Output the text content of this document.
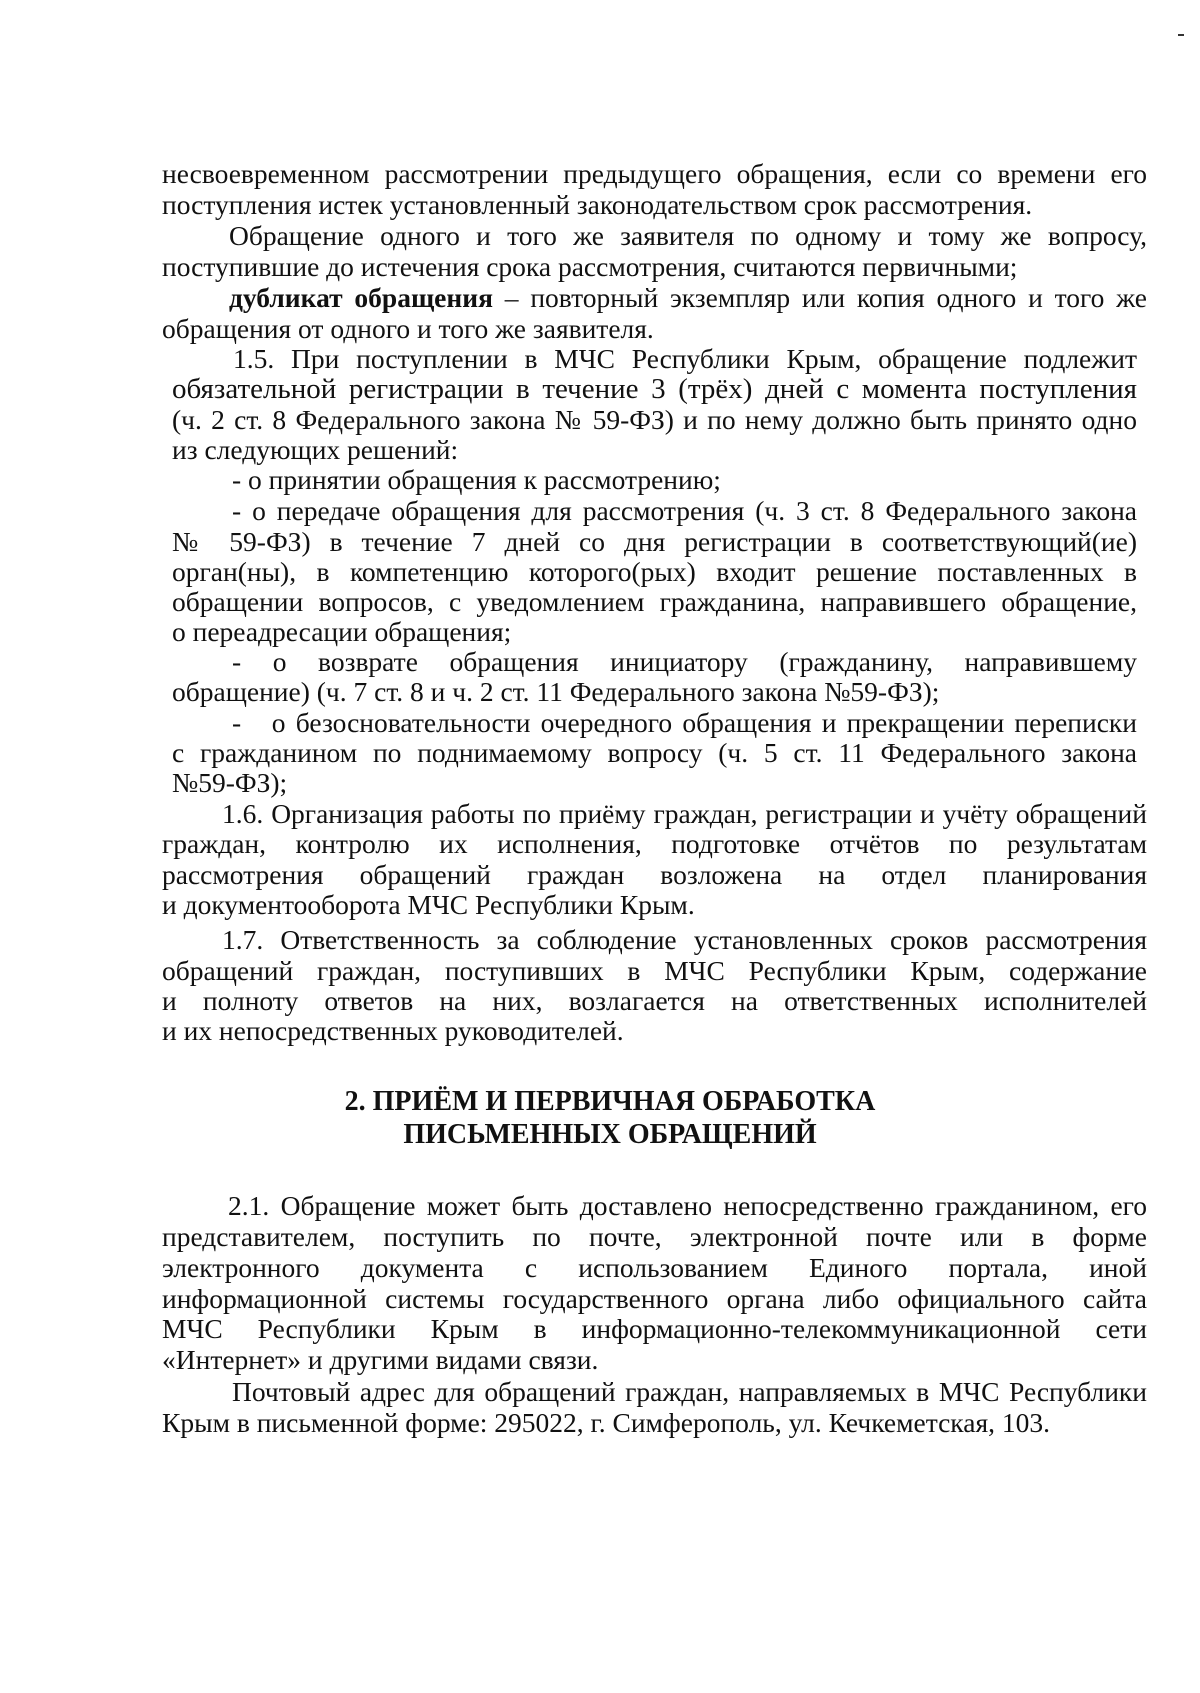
несвоевременном рассмотрении предыдущего обращения, если со времени его

поступления истек установленный законодательством срок рассмотрения.

Обращение одного и того же заявителя по одному и тому же вопросу,

поступившие до истечения срока рассмотрения, считаются первичными;

дубликат обращения – повторный экземпляр или копия одного и того же

обращения от одного и того же заявителя.

1.5. При поступлении в МЧС Республики Крым, обращение подлежит

обязательной регистрации в течение 3 (трёх) дней с момента поступления

(ч. 2 ст. 8 Федерального закона № 59-ФЗ) и по нему должно быть принято одно

из следующих решений:

- о принятии обращения к рассмотрению;

- о передаче обращения для рассмотрения (ч. 3 ст. 8 Федерального закона

№ 59-ФЗ) в течение 7 дней со дня регистрации в соответствующий(ие)

орган(ны), в компетенцию которого(рых) входит решение поставленных в

обращении вопросов, с уведомлением гражданина, направившего обращение,

о переадресации обращения;

-   о   возврате   обращения   инициатору   (гражданину,   направившему

обращение) (ч. 7 ст. 8 и ч. 2 ст. 11 Федерального закона №59-ФЗ);

-   о безосновательности очередного обращения и прекращении переписки

с гражданином по поднимаемому вопросу (ч. 5 ст. 11 Федерального закона

№59-ФЗ);

1.6. Организация работы по приёму граждан, регистрации и учёту обращений

граждан, контролю их исполнения, подготовке отчётов по результатам

рассмотрения обращений граждан возложена на отдел планирования

и документооборота МЧС Республики Крым.

1.7. Ответственность за соблюдение установленных сроков рассмотрения

обращений граждан, поступивших в МЧС Республики Крым, содержание

и полноту ответов на них, возлагается на ответственных исполнителей

и их непосредственных руководителей.

2. ПРИЁМ И ПЕРВИЧНАЯ ОБРАБОТКА
ПИСЬМЕННЫХ ОБРАЩЕНИЙ

2.1. Обращение может быть доставлено непосредственно гражданином, его

представителем, поступить по почте, электронной почте или в форме

электронного документа с использованием Единого портала, иной

информационной системы государственного органа либо официального сайта

МЧС Республики Крым в информационно-телекоммуникационной сети

«Интернет» и другими видами связи.

Почтовый адрес для обращений граждан, направляемых в МЧС Республики

Крым в письменной форме: 295022, г. Симферополь, ул. Кечкеметская, 103.
